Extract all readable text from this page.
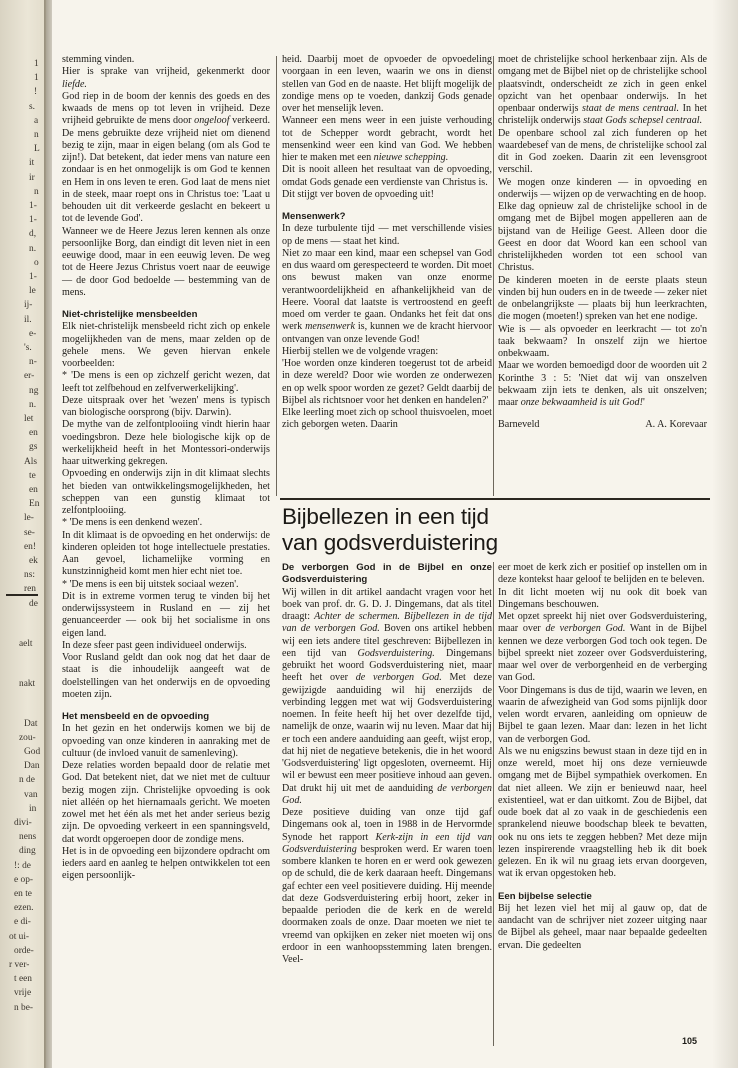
1
1
!
s.
a
n
L
it
ir
n
1-
1-
d,
n.
o
1-
le
ij-
il.
e-
's.
n-
er-
ng
n.
let
en
gs
Als
te
en
En
le-
se-
en!
ek
ns:
ren
de
aelt
nakt
Dat
zou-
God
Dan
n de
van
in
divi-
nens
ding
!: de
e op-
en te
ezen.
e di-
ot ui-
orde-
r ver-
t een
vrije
n be-

stemming vinden.

Hier is sprake van vrijheid, gekenmerkt door liefde.

God riep in de boom der kennis des goeds en des kwaads de mens op tot leven in vrijheid. Deze vrijheid gebruikte de mens door ongeloof verkeerd. De mens gebruikte deze vrijheid niet om dienend bezig te zijn, maar in eigen belang (om als God te zijn!). Dat betekent, dat ieder mens van nature een zondaar is en het onmogelijk is om God te kennen en Hem in ons leven te eren. God laat de mens niet in de steek, maar roept ons in Christus toe: 'Laat u behouden uit dit verkeerde geslacht en bekeert u tot de levende God'.

Wanneer we de Heere Jezus leren kennen als onze persoonlijke Borg, dan eindigt dit leven niet in een eeuwige dood, maar in een eeuwig leven. De weg tot de Heere Jezus Christus voert naar de eeuwige — de door God bedoelde — bestemming van de mens.

Niet-christelijke mensbeelden

Elk niet-christelijk mensbeeld richt zich op enkele mogelijkheden van de mens, maar zelden op de gehele mens. We geven hiervan enkele voorbeelden:

* 'De mens is een op zichzelf gericht wezen, dat leeft tot zelfbehoud en zelfverwerkelijking'.

Deze uitspraak over het 'wezen' mens is typisch van biologische oorsprong (bijv. Darwin).

De mythe van de zelfontplooiing vindt hierin haar voedingsbron. Deze hele biologische kijk op de werkelijkheid heeft in het Montessori-onderwijs haar uitwerking gekregen.

Opvoeding en onderwijs zijn in dit klimaat slechts het bieden van ontwikkelingsmogelijkheden, het scheppen van een gunstig klimaat tot zelfontplooiing.

* 'De mens is een denkend wezen'.

In dit klimaat is de opvoeding en het onderwijs: de kinderen opleiden tot hoge intellectuele prestaties. Aan gevoel, lichamelijke vorming en kunstzinnigheid komt men hier echt niet toe.

* 'De mens is een bij uitstek sociaal wezen'.

Dit is in extreme vormen terug te vinden bij het onderwijssysteem in Rusland en — zij het genuanceerder — ook bij het socialisme in ons eigen land.

In deze sfeer past geen individueel onderwijs.

Voor Rusland geldt dan ook nog dat het daar de staat is die inhoudelijk aangeeft wat de doelstellingen van het onderwijs en de opvoeding moeten zijn.

Het mensbeeld en de opvoeding

In het gezin en het onderwijs komen we bij de opvoeding van onze kinderen in aanraking met de cultuur (de invloed vanuit de samenleving).

Deze relaties worden bepaald door de relatie met God. Dat betekent niet, dat we niet met de cultuur bezig mogen zijn. Christelijke opvoeding is ook niet alléén op het hiernamaals gericht. We moeten zowel met het één als met het ander serieus bezig zijn. De opvoeding verkeert in een spanningsveld, dat wordt opgeroepen door de zondige mens.

Het is in de opvoeding een bijzondere opdracht om ieders aard en aanleg te helpen ontwikkelen tot een eigen persoonlijk-

heid. Daarbij moet de opvoeder de opvoedeling voorgaan in een leven, waarin we ons in dienst stellen van God en de naaste. Het blijft mogelijk de zondige mens op te voeden, dankzij Gods genade over het menselijk leven.

Wanneer een mens weer in een juiste verhouding tot de Schepper wordt gebracht, wordt het mensenkind weer een kind van God. We hebben hier te maken met een nieuwe schepping.

Dit is nooit alleen het resultaat van de opvoeding, omdat Gods genade een verdienste van Christus is.

Dit stijgt ver boven de opvoeding uit!

Mensenwerk?

In deze turbulente tijd — met verschillende visies op de mens — staat het kind.

Niet zo maar een kind, maar een schepsel van God en dus waard om gerespecteerd te worden. Dit moet ons bewust maken van onze enorme verantwoordelijkheid en afhankelijkheid van de Heere. Vooral dat laatste is vertroostend en geeft moed om verder te gaan. Ondanks het feit dat ons werk mensenwerk is, kunnen we de kracht hiervoor ontvangen van onze levende God!

Hierbij stellen we de volgende vragen:

'Hoe worden onze kinderen toegerust tot de arbeid in deze wereld? Door wie worden ze onderwezen en op welk spoor worden ze gezet? Geldt daarbij de Bijbel als richtsnoer voor het denken en handelen?'

Elke leerling moet zich op school thuisvoelen, moet zich geborgen weten. Daarin

moet de christelijke school herkenbaar zijn. Als de omgang met de Bijbel niet op de christelijke school plaatsvindt, onderscheidt ze zich in geen enkel opzicht van het openbaar onderwijs. In het openbaar onderwijs staat de mens centraal. In het christelijk onderwijs staat Gods schepsel centraal.

De openbare school zal zich funderen op het waardebesef van de mens, de christelijke school zal dit in God zoeken. Daarin zit een levensgroot verschil.

We mogen onze kinderen — in opvoeding en onderwijs — wijzen op de verwachting en de hoop.

Elke dag opnieuw zal de christelijke school in de omgang met de Bijbel mogen appelleren aan de bijstand van de Heilige Geest. Alleen door die Geest en door dat Woord kan een school van christelijkheden worden tot een school van Christus.

De kinderen moeten in de eerste plaats steun vinden bij hun ouders en in de tweede — zeker niet de onbelangrijkste — plaats bij hun leerkrachten, die mogen (moeten!) spreken van het ene nodige.

Wie is — als opvoeder en leerkracht — tot zo'n taak bekwaam? In onszelf zijn we hiertoe onbekwaam.

Maar we worden bemoedigd door de woorden uit 2 Korinthe 3 : 5: 'Niet dat wij van onszelven bekwaam zijn iets te denken, als uit onszelven; maar onze bekwaamheid is uit God!'

Barneveld	A. A. Korevaar
Bijbellezen in een tijd
van godsverduistering

De verborgen God in de Bijbel en onze Godsverduistering

Wij willen in dit artikel aandacht vragen voor het boek van prof. dr. G. D. J. Dingemans, dat als titel draagt: Achter de schermen. Bijbellezen in de tijd van de verborgen God. Boven ons artikel hebben wij een iets andere titel geschreven: Bijbellezen in een tijd van Godsverduistering. Dingemans gebruikt het woord Godsverduistering niet, maar heeft het over de verborgen God. Met deze gewijzigde aanduiding wil hij enerzijds de verbinding leggen met wat wij Godsverduistering noemen. In feite heeft hij het over dezelfde tijd, namelijk de onze, waarin wij nu leven. Maar dat hij er toch een andere aanduiding aan geeft, wijst erop, dat hij niet de negatieve betekenis, die in het woord 'Godsverduistering' ligt opgesloten, overneemt. Hij wil er bewust een meer positieve inhoud aan geven. Dat drukt hij uit met de aanduiding de verborgen God.

Deze positieve duiding van onze tijd gaf Dingemans ook al, toen in 1988 in de Hervormde Synode het rapport Kerk-zijn in een tijd van Godsverduistering besproken werd. Er waren toen sombere klanken te horen en er werd ook gewezen op de schuld, die de kerk daaraan heeft. Dingemans gaf echter een veel positievere duiding. Hij meende dat deze Godsverduistering erbij hoort, zeker in bepaalde perioden die de kerk en de wereld doormaken zoals de onze. Daar moeten we niet te vreemd van opkijken en zeker niet moeten wij ons erdoor in een wanhoopsstemming laten brengen. Veel-

eer moet de kerk zich er positief op instellen om in deze kontekst haar geloof te belijden en te beleven.

In dit licht moeten wij nu ook dit boek van Dingemans beschouwen.

Met opzet spreekt hij niet over Godsverduistering, maar over de verborgen God. Want in de Bijbel kennen we deze verborgen God toch ook tegen. De bijbel spreekt niet zozeer over Godsverduistering, maar wel over de verborgenheid en de verberging van God.

Voor Dingemans is dus de tijd, waarin we leven, en waarin de afwezigheid van God soms pijnlijk door velen wordt ervaren, aanleiding om opnieuw de Bijbel te gaan lezen. Maar dan: lezen in het licht van de verborgen God.

Als we nu enigszins bewust staan in deze tijd en in onze wereld, moet hij ons deze vernieuwde omgang met de Bijbel sympathiek overkomen. En dat niet alleen. We zijn er benieuwd naar, heel existentieel, wat er dan uitkomt. Zou de Bijbel, dat oude boek dat al zo vaak in de geschiedenis een sprankelend nieuwe boodschap bleek te bevatten, ook nu ons iets te zeggen hebben? Met deze mijn lezen inspirerende vraagstelling heb ik dit boek gelezen. En ik wil nu graag iets ervan doorgeven, wat ik ervan opgestoken heb.

Een bijbelse selectie

Bij het lezen viel het mij al gauw op, dat de aandacht van de schrijver niet zozeer uitging naar de Bijbel als geheel, maar naar bepaalde gedeelten ervan. Die gedeelten

105
